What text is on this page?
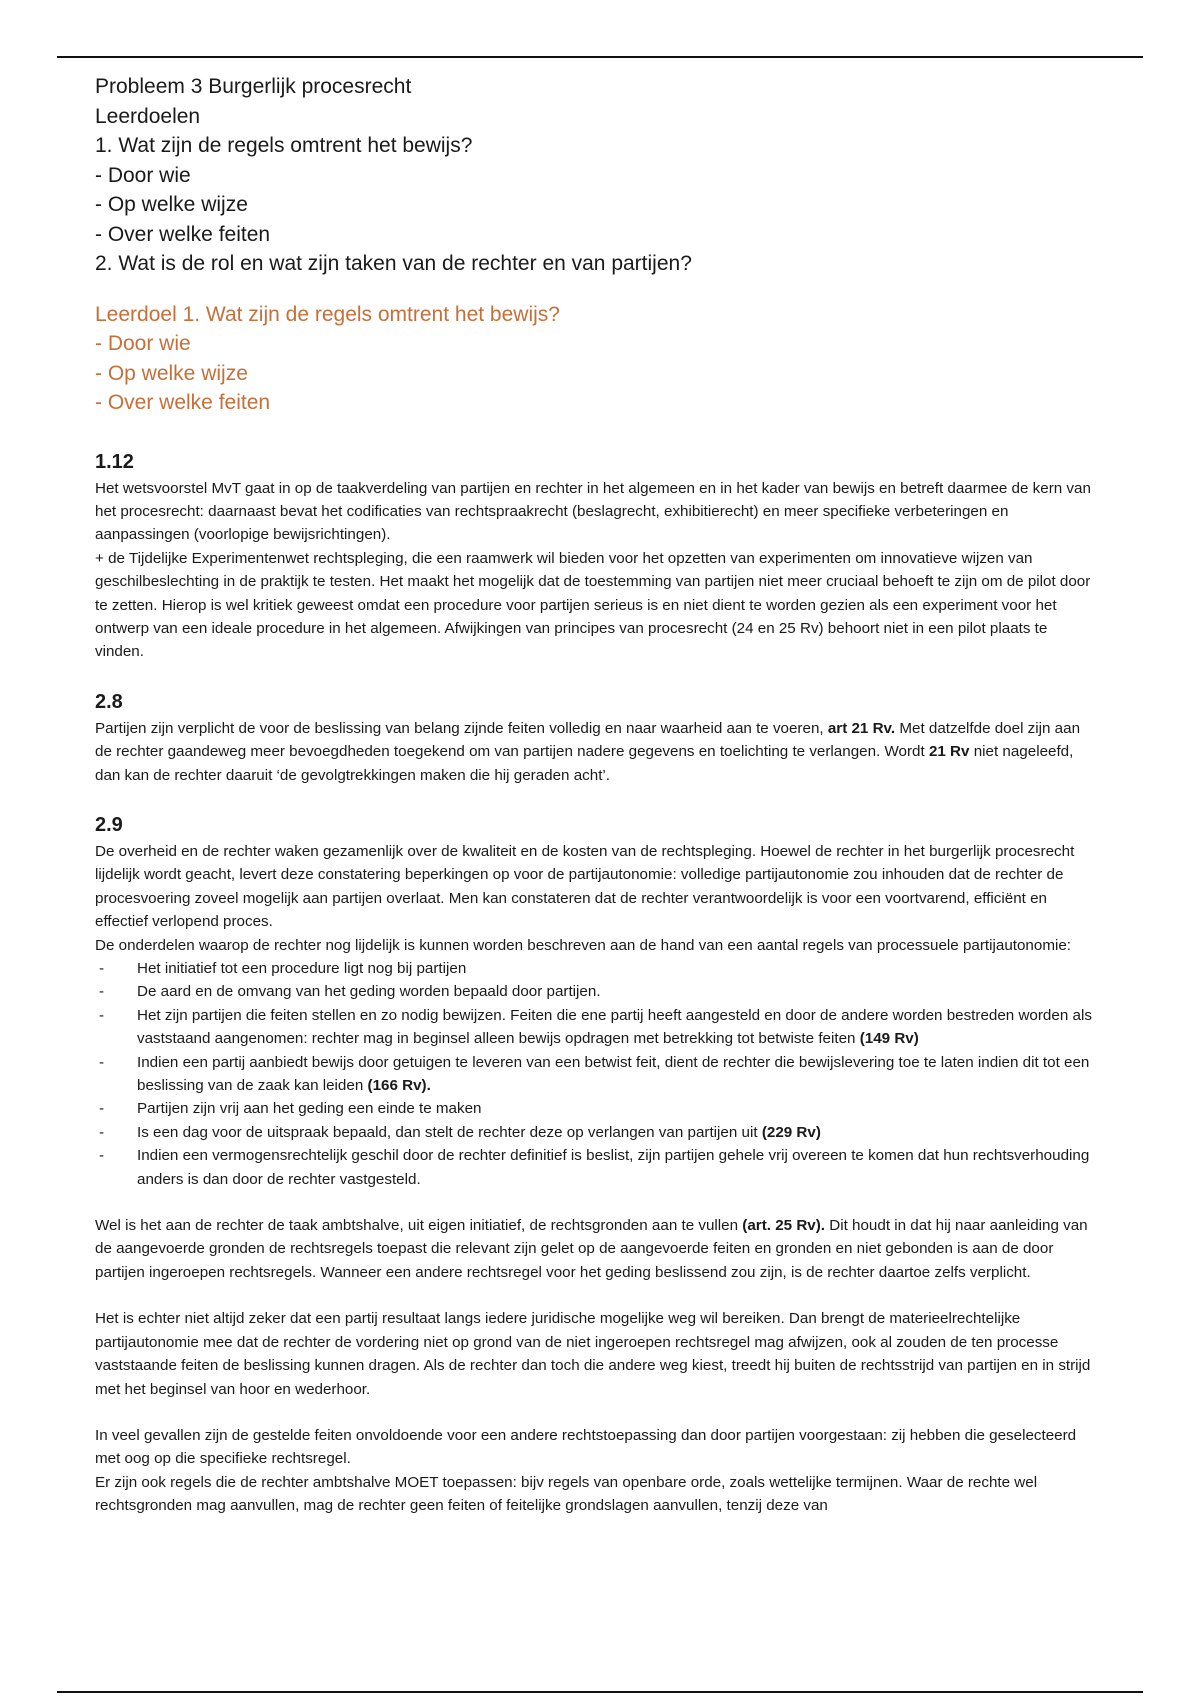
Probleem 3 Burgerlijk procesrecht
Leerdoelen
1. Wat zijn de regels omtrent het bewijs?
- Door wie
- Op welke wijze
- Over welke feiten
2. Wat is de rol en wat zijn taken van de rechter en van partijen?
Leerdoel 1. Wat zijn de regels omtrent het bewijs?
- Door wie
- Op welke wijze
- Over welke feiten
1.12

Het wetsvoorstel MvT gaat in op de taakverdeling van partijen en rechter in het algemeen en in het kader van bewijs en betreft daarmee de kern van het procesrecht: daarnaast bevat het codificaties van rechtspraakrecht (beslagrecht, exhibitierecht) en meer specifieke verbeteringen en aanpassingen (voorlopige bewijsrichtingen).

+ de Tijdelijke Experimentenwet rechtspleging, die een raamwerk wil bieden voor het opzetten van experimenten om innovatieve wijzen van geschilbeslechting in de praktijk te testen. Het maakt het mogelijk dat de toestemming van partijen niet meer cruciaal behoeft te zijn om de pilot door te zetten. Hierop is wel kritiek geweest omdat een procedure voor partijen serieus is en niet dient te worden gezien als een experiment voor het ontwerp van een ideale procedure in het algemeen. Afwijkingen van principes van procesrecht (24 en 25 Rv) behoort niet in een pilot plaats te vinden.

2.8

Partijen zijn verplicht de voor de beslissing van belang zijnde feiten volledig en naar waarheid aan te voeren, art 21 Rv. Met datzelfde doel zijn aan de rechter gaandeweg meer bevoegdheden toegekend om van partijen nadere gegevens en toelichting te verlangen. Wordt 21 Rv niet nageleefd, dan kan de rechter daaruit ‘de gevolgtrekkingen maken die hij geraden acht’.

2.9

De overheid en de rechter waken gezamenlijk over de kwaliteit en de kosten van de rechtspleging. Hoewel de rechter in het burgerlijk procesrecht lijdelijk wordt geacht, levert deze constatering beperkingen op voor de partijautonomie: volledige partijautonomie zou inhouden dat de rechter de procesvoering zoveel mogelijk aan partijen overlaat. Men kan constateren dat de rechter verantwoordelijk is voor een voortvarend, efficiënt en effectief verlopend proces.

De onderdelen waarop de rechter nog lijdelijk is kunnen worden beschreven aan de hand van een aantal regels van processuele partijautonomie:

- Het initiatief tot een procedure ligt nog bij partijen
- De aard en de omvang van het geding worden bepaald door partijen.
- Het zijn partijen die feiten stellen en zo nodig bewijzen. Feiten die ene partij heeft aangesteld en door de andere worden bestreden worden als vaststaand aangenomen: rechter mag in beginsel alleen bewijs opdragen met betrekking tot betwiste feiten (149 Rv)
- Indien een partij aanbiedt bewijs door getuigen te leveren van een betwist feit, dient de rechter die bewijslevering toe te laten indien dit tot een beslissing van de zaak kan leiden (166 Rv).
- Partijen zijn vrij aan het geding een einde te maken
- Is een dag voor de uitspraak bepaald, dan stelt de rechter deze op verlangen van partijen uit (229 Rv)
- Indien een vermogensrechtelijk geschil door de rechter definitief is beslist, zijn partijen gehele vrij overeen te komen dat hun rechtsverhouding anders is dan door de rechter vastgesteld.

Wel is het aan de rechter de taak ambtshalve, uit eigen initiatief, de rechtsgronden aan te vullen (art. 25 Rv). Dit houdt in dat hij naar aanleiding van de aangevoerde gronden de rechtsregels toepast die relevant zijn gelet op de aangevoerde feiten en gronden en niet gebonden is aan de door partijen ingeroepen rechtsregels. Wanneer een andere rechtsregel voor het geding beslissend zou zijn, is de rechter daartoe zelfs verplicht.

Het is echter niet altijd zeker dat een partij resultaat langs iedere juridische mogelijke weg wil bereiken. Dan brengt de materieelrechtelijke partijautonomie mee dat de rechter de vordering niet op grond van de niet ingeroepen rechtsregel mag afwijzen, ook al zouden de ten processe vaststaande feiten de beslissing kunnen dragen. Als de rechter dan toch die andere weg kiest, treedt hij buiten de rechtsstrijd van partijen en in strijd met het beginsel van hoor en wederhoor.

In veel gevallen zijn de gestelde feiten onvoldoende voor een andere rechtstoepassing dan door partijen voorgestaan: zij hebben die geselecteerd met oog op die specifieke rechtsregel.

Er zijn ook regels die de rechter ambtshalve MOET toepassen: bijv regels van openbare orde, zoals wettelijke termijnen. Waar de rechte wel rechtsgronden mag aanvullen, mag de rechter geen feiten of feitelijke grondslagen aanvullen, tenzij deze van
